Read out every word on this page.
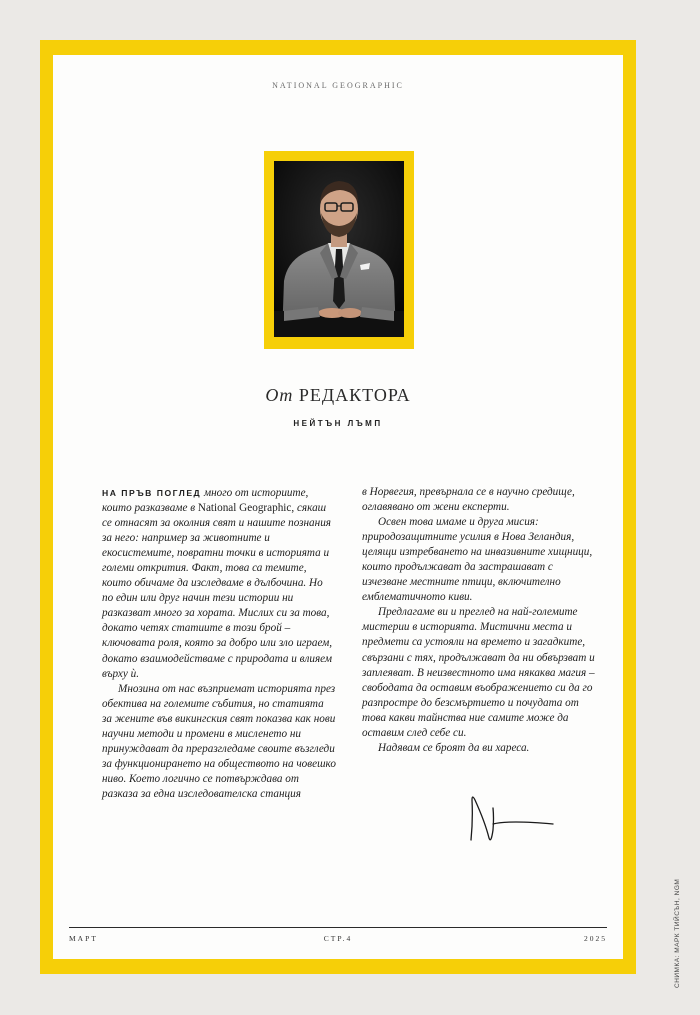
NATIONAL GEOGRAPHIC
От РЕДАКТОРА
НЕЙТЪН ЛЪМП

НА ПРЪВ ПОГЛЕД много от историите, които разказваме в National Geographic, сякаш се отнасят за околния свят и нашите познания за него: например за животните и екосистемите, повратни точки в историята и големи открития. Факт, това са темите, които обичаме да изследваме в дълбочина. Но по един или друг начин тези истории ни разказват много за хората. Мислих си за това, докато четях статиите в този брой – ключовата роля, която за добро или зло играем, докато взаимодействаме с природата и влияем върху ѝ.

Мнозина от нас възприемат историята през обектива на големите събития, но статията за жените във викингския свят показва как нови научни методи и промени в мисленето ни принуждават да преразгледаме своите възгледи за функционирането на обществото на човешко ниво. Което логично се потвърждава от разказа за една изследователска станция

в Норвегия, превърнала се в научно средище, оглавявано от жени експерти.

Освен това имаме и друга мисия: природозащитните усилия в Нова Зеландия, целящи изтребването на инвазивните хищници, които продължават да застрашават с изчезване местните птици, включително емблематичното киви.

Предлагаме ви и преглед на най-големите мистерии в историята. Мистични места и предмети са устояли на времето и загадките, свързани с тях, продължават да ни обвързват и заплеяват. В неизвестното има някаква магия – свободата да оставим въображението си да го разпростре до безсмъртието и почудата от това какви тайнства ние самите може да оставим след себе си.

Надявам се броят да ви хареса.

МАРТ	СТР.4	2025	СНИМКА: МАРК ТИЙСЪН, NGM
